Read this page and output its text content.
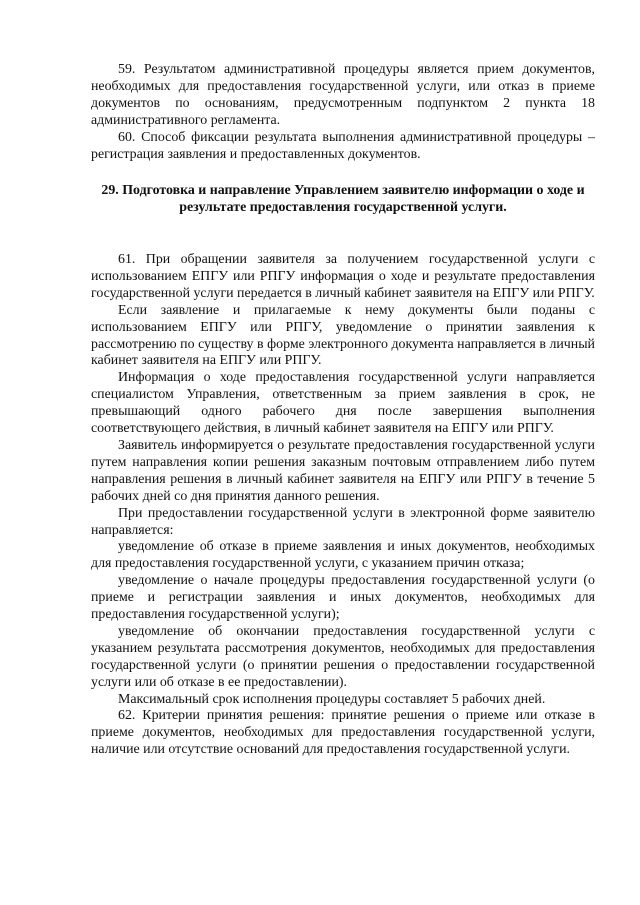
59. Результатом административной процедуры является прием документов, необходимых для предоставления государственной услуги, или отказ в приеме документов по основаниям, предусмотренным подпунктом 2 пункта 18 административного регламента.

60. Способ фиксации результата выполнения административной процедуры – регистрация заявления и предоставленных документов.

29. Подготовка и направление Управлением заявителю информации о ходе и результате предоставления государственной услуги.

61. При обращении заявителя за получением государственной услуги с использованием ЕПГУ или РПГУ информация о ходе и результате предоставления государственной услуги передается в личный кабинет заявителя на ЕПГУ или РПГУ.

Если заявление и прилагаемые к нему документы были поданы с использованием ЕПГУ или РПГУ, уведомление о принятии заявления к рассмотрению по существу в форме электронного документа направляется в личный кабинет заявителя на ЕПГУ или РПГУ.

Информация о ходе предоставления государственной услуги направляется специалистом Управления, ответственным за прием заявления в срок, не превышающий одного рабочего дня после завершения выполнения соответствующего действия, в личный кабинет заявителя на ЕПГУ или РПГУ.

Заявитель информируется о результате предоставления государственной услуги путем направления копии решения заказным почтовым отправлением либо путем направления решения в личный кабинет заявителя на ЕПГУ или РПГУ в течение 5 рабочих дней со дня принятия данного решения.

При предоставлении государственной услуги в электронной форме заявителю направляется:

уведомление об отказе в приеме заявления и иных документов, необходимых для предоставления государственной услуги, с указанием причин отказа;

уведомление о начале процедуры предоставления государственной услуги (о приеме и регистрации заявления и иных документов, необходимых для предоставления государственной услуги);

уведомление об окончании предоставления государственной услуги с указанием результата рассмотрения документов, необходимых для предоставления государственной услуги (о принятии решения о предоставлении государственной услуги или об отказе в ее предоставлении).

Максимальный срок исполнения процедуры составляет 5 рабочих дней.

62. Критерии принятия решения: принятие решения о приеме или отказе в приеме документов, необходимых для предоставления государственной услуги, наличие или отсутствие оснований для предоставления государственной услуги.
